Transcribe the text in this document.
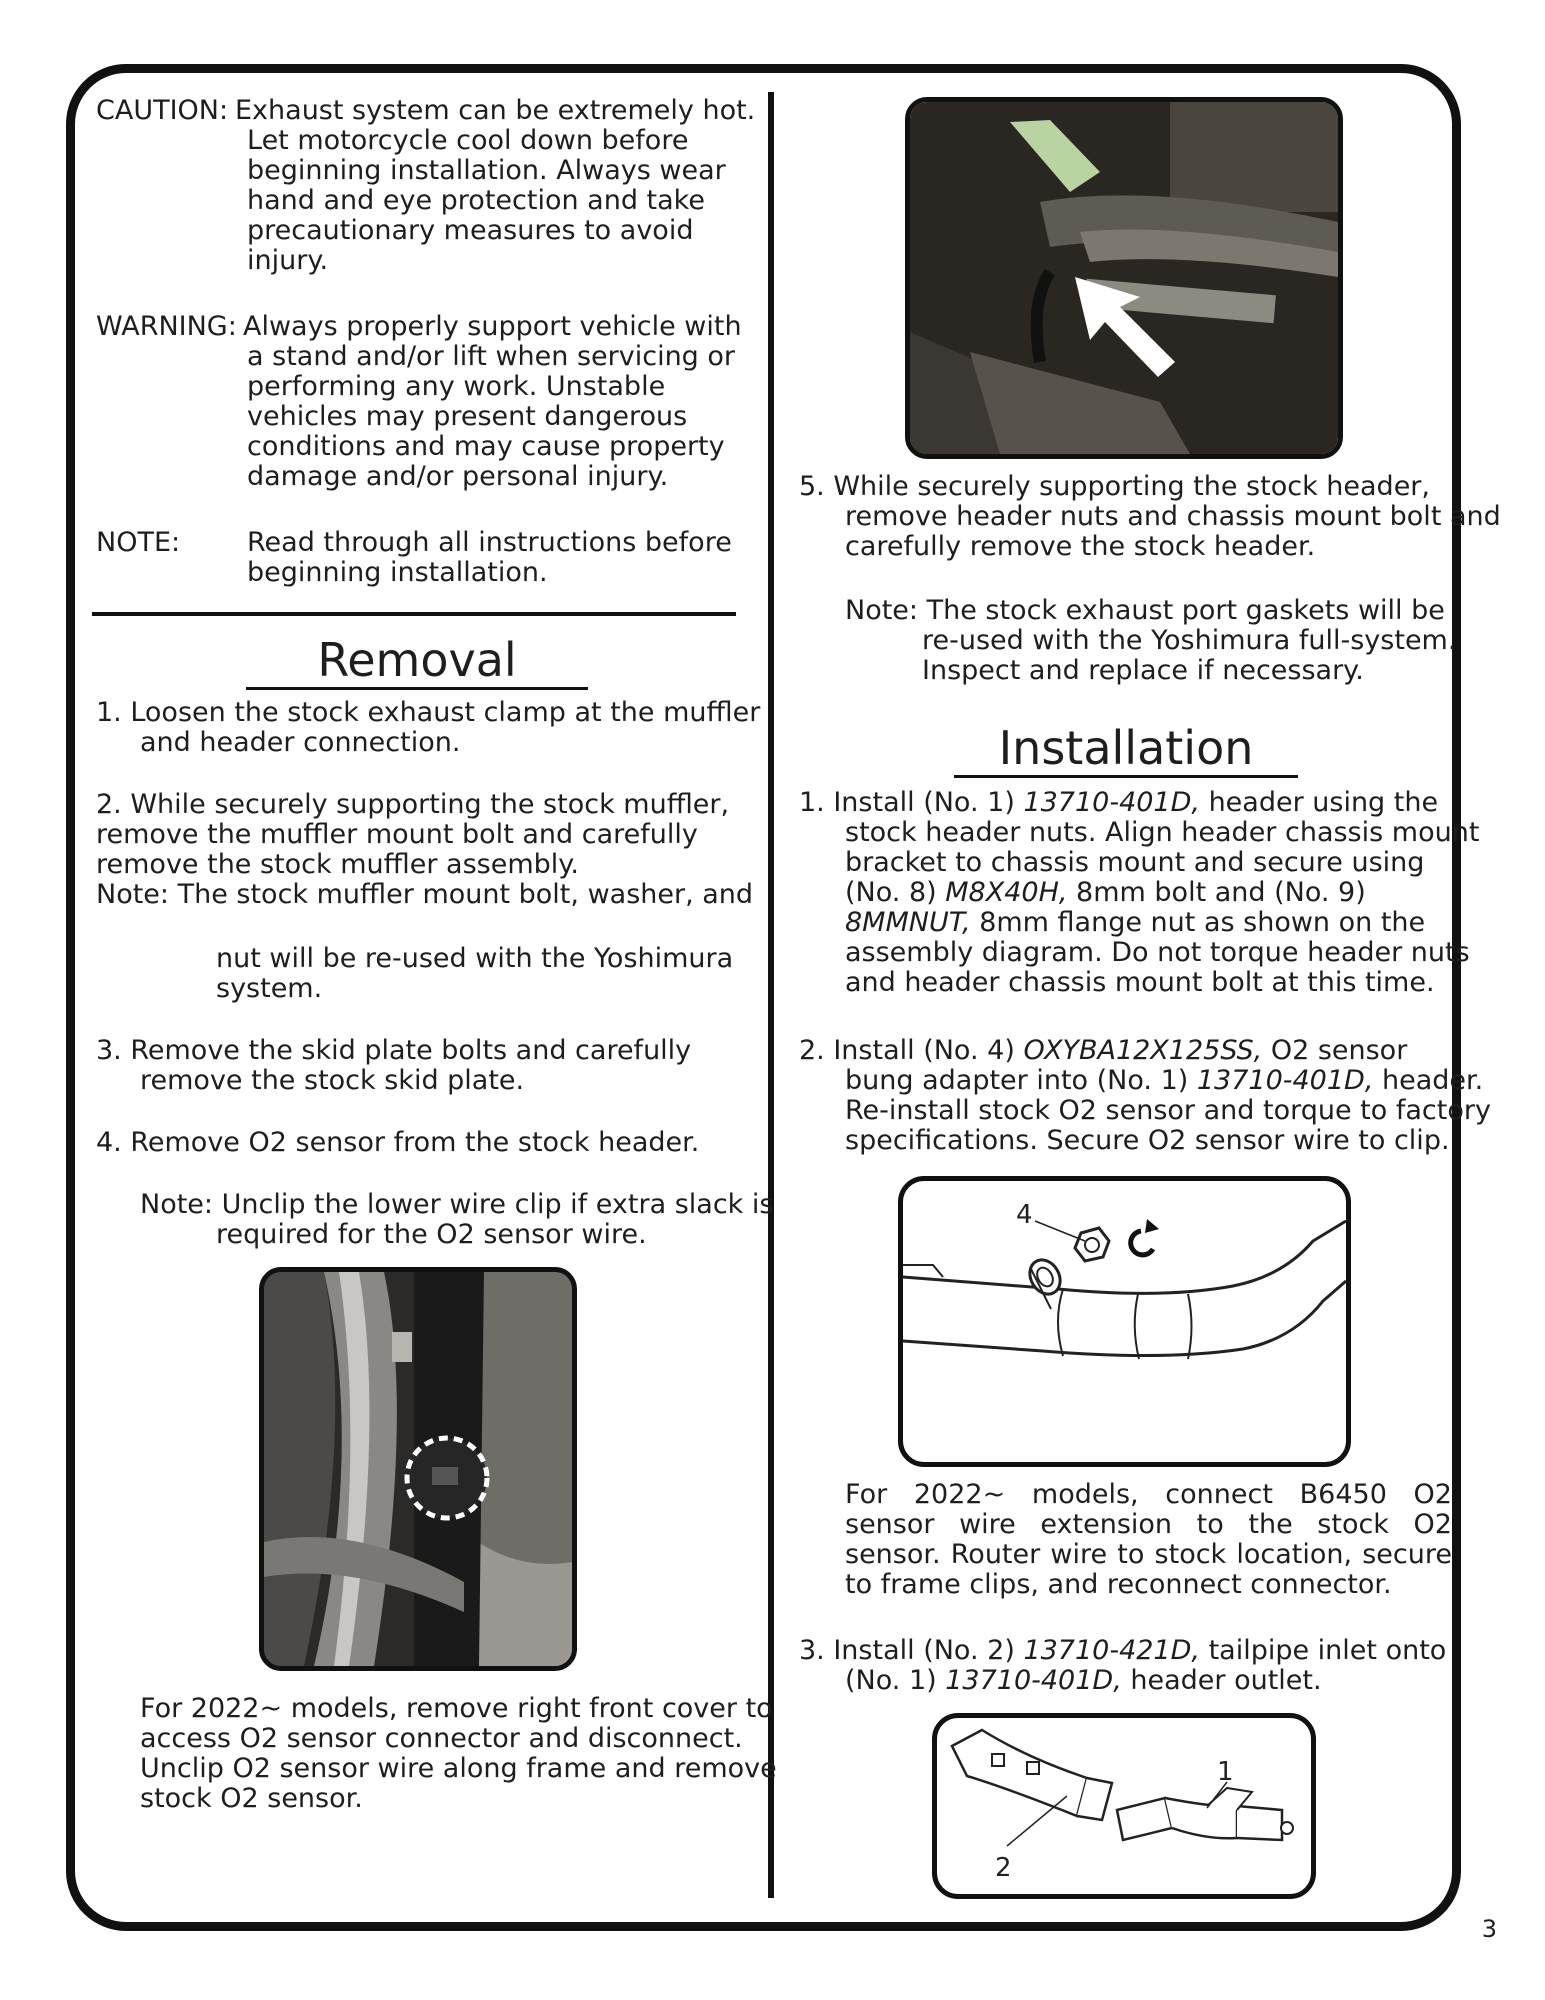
CAUTION: Exhaust system can be extremely hot.
Let motorcycle cool down before
beginning installation. Always wear
hand and eye protection and take
precautionary measures to avoid
injury.
WARNING: Always properly support vehicle with
a stand and/or lift when servicing or
performing any work. Unstable
vehicles may present dangerous
conditions and may cause property
damage and/or personal injury.
NOTE: Read through all instructions before
beginning installation.
Removal
1. Loosen the stock exhaust clamp at the muffler
and header connection.
2. While securely supporting the stock muffler,
remove the muffler mount bolt and carefully
remove the stock muffler assembly.
Note: The stock muffler mount bolt, washer, and
nut will be re-used with the Yoshimura
system.
3. Remove the skid plate bolts and carefully
remove the stock skid plate.
4. Remove O2 sensor from the stock header.
Note: Unclip the lower wire clip if extra slack is
required for the O2 sensor wire.
For 2022~ models, remove right front cover to
access O2 sensor connector and disconnect.
Unclip O2 sensor wire along frame and remove
stock O2 sensor.
5. While securely supporting the stock header,
remove header nuts and chassis mount bolt and
carefully remove the stock header.
Note: The stock exhaust port gaskets will be
re-used with the Yoshimura full-system.
Inspect and replace if necessary.
Installation
1. Install (No. 1) 13710-401D, header using the
stock header nuts. Align header chassis mount
bracket to chassis mount and secure using
(No. 8) M8X40H, 8mm bolt and (No. 9)
8MMNUT, 8mm flange nut as shown on the
assembly diagram. Do not torque header nuts
and header chassis mount bolt at this time.
2. Install (No. 4) OXYBA12X125SS, O2 sensor
bung adapter into (No. 1) 13710-401D, header.
Re-install stock O2 sensor and torque to factory
specifications. Secure O2 sensor wire to clip.
4
For 2022~ models, connect B6450 O2 sensor wire extension to the stock O2 sensor. Router wire to stock location, secure to frame clips, and reconnect connector.
3. Install (No. 2) 13710-421D, tailpipe inlet onto
(No. 1) 13710-401D, header outlet.
2
1
3
